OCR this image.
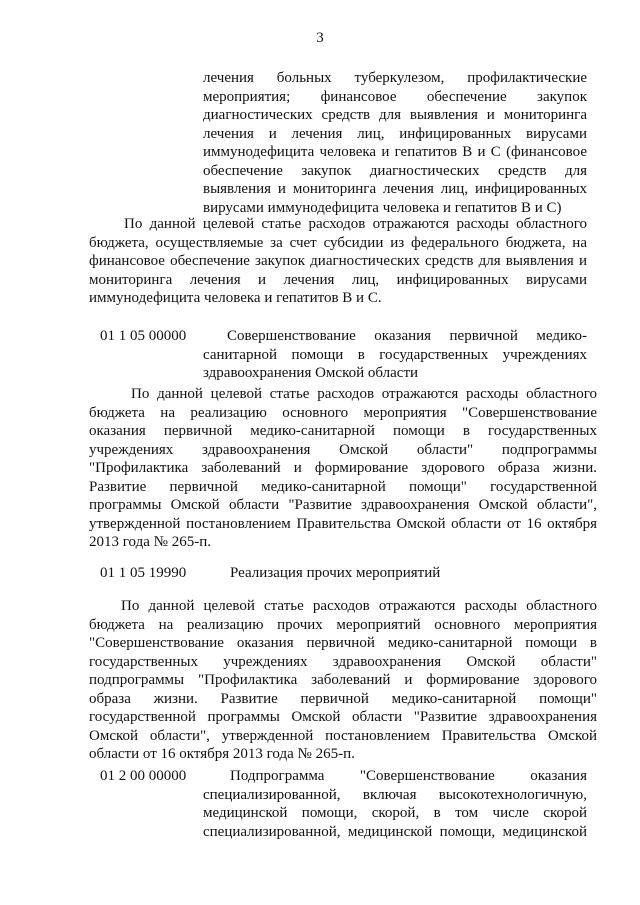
3
лечения больных туберкулезом, профилактические
мероприятия; финансовое обеспечение закупок
диагностических средств для выявления и мониторинга
лечения и лечения лиц, инфицированных вирусами
иммунодефицита человека и гепатитов В и С (финансовое
обеспечение закупок диагностических средств для
выявления и мониторинга лечения лиц, инфицированных
вирусами иммунодефицита человека и гепатитов В и С)
По данной целевой статье расходов отражаются расходы областного
бюджета, осуществляемые за счет субсидии из федерального бюджета, на
финансовое обеспечение закупок диагностических средств для выявления и
мониторинга лечения и лечения лиц, инфицированных вирусами
иммунодефицита человека и гепатитов В и С.
01 1 05 00000	Совершенствование оказания первичной медико-
санитарной помощи в государственных учреждениях
здравоохранения Омской области
По данной целевой статье расходов отражаются расходы областного
бюджета на реализацию основного мероприятия "Совершенствование
оказания первичной медико-санитарной помощи в государственных
учреждениях здравоохранения Омской области" подпрограммы
"Профилактика заболеваний и формирование здорового образа жизни.
Развитие первичной медико-санитарной помощи" государственной
программы Омской области "Развитие здравоохранения Омской области",
утвержденной постановлением Правительства Омской области от 16 октября
2013 года № 265-п.
01 1 05 19990	Реализация прочих мероприятий
По данной целевой статье расходов отражаются расходы областного
бюджета на реализацию прочих мероприятий основного мероприятия
"Совершенствование оказания первичной медико-санитарной помощи в
государственных учреждениях здравоохранения Омской области"
подпрограммы "Профилактика заболеваний и формирование здорового
образа жизни. Развитие первичной медико-санитарной помощи"
государственной программы Омской области "Развитие здравоохранения
Омской области", утвержденной постановлением Правительства Омской
области от 16 октября 2013 года № 265-п.
01 2 00 00000	Подпрограмма "Совершенствование оказания
специализированной, включая высокотехнологичную,
медицинской помощи, скорой, в том числе скорой
специализированной, медицинской помощи, медицинской
